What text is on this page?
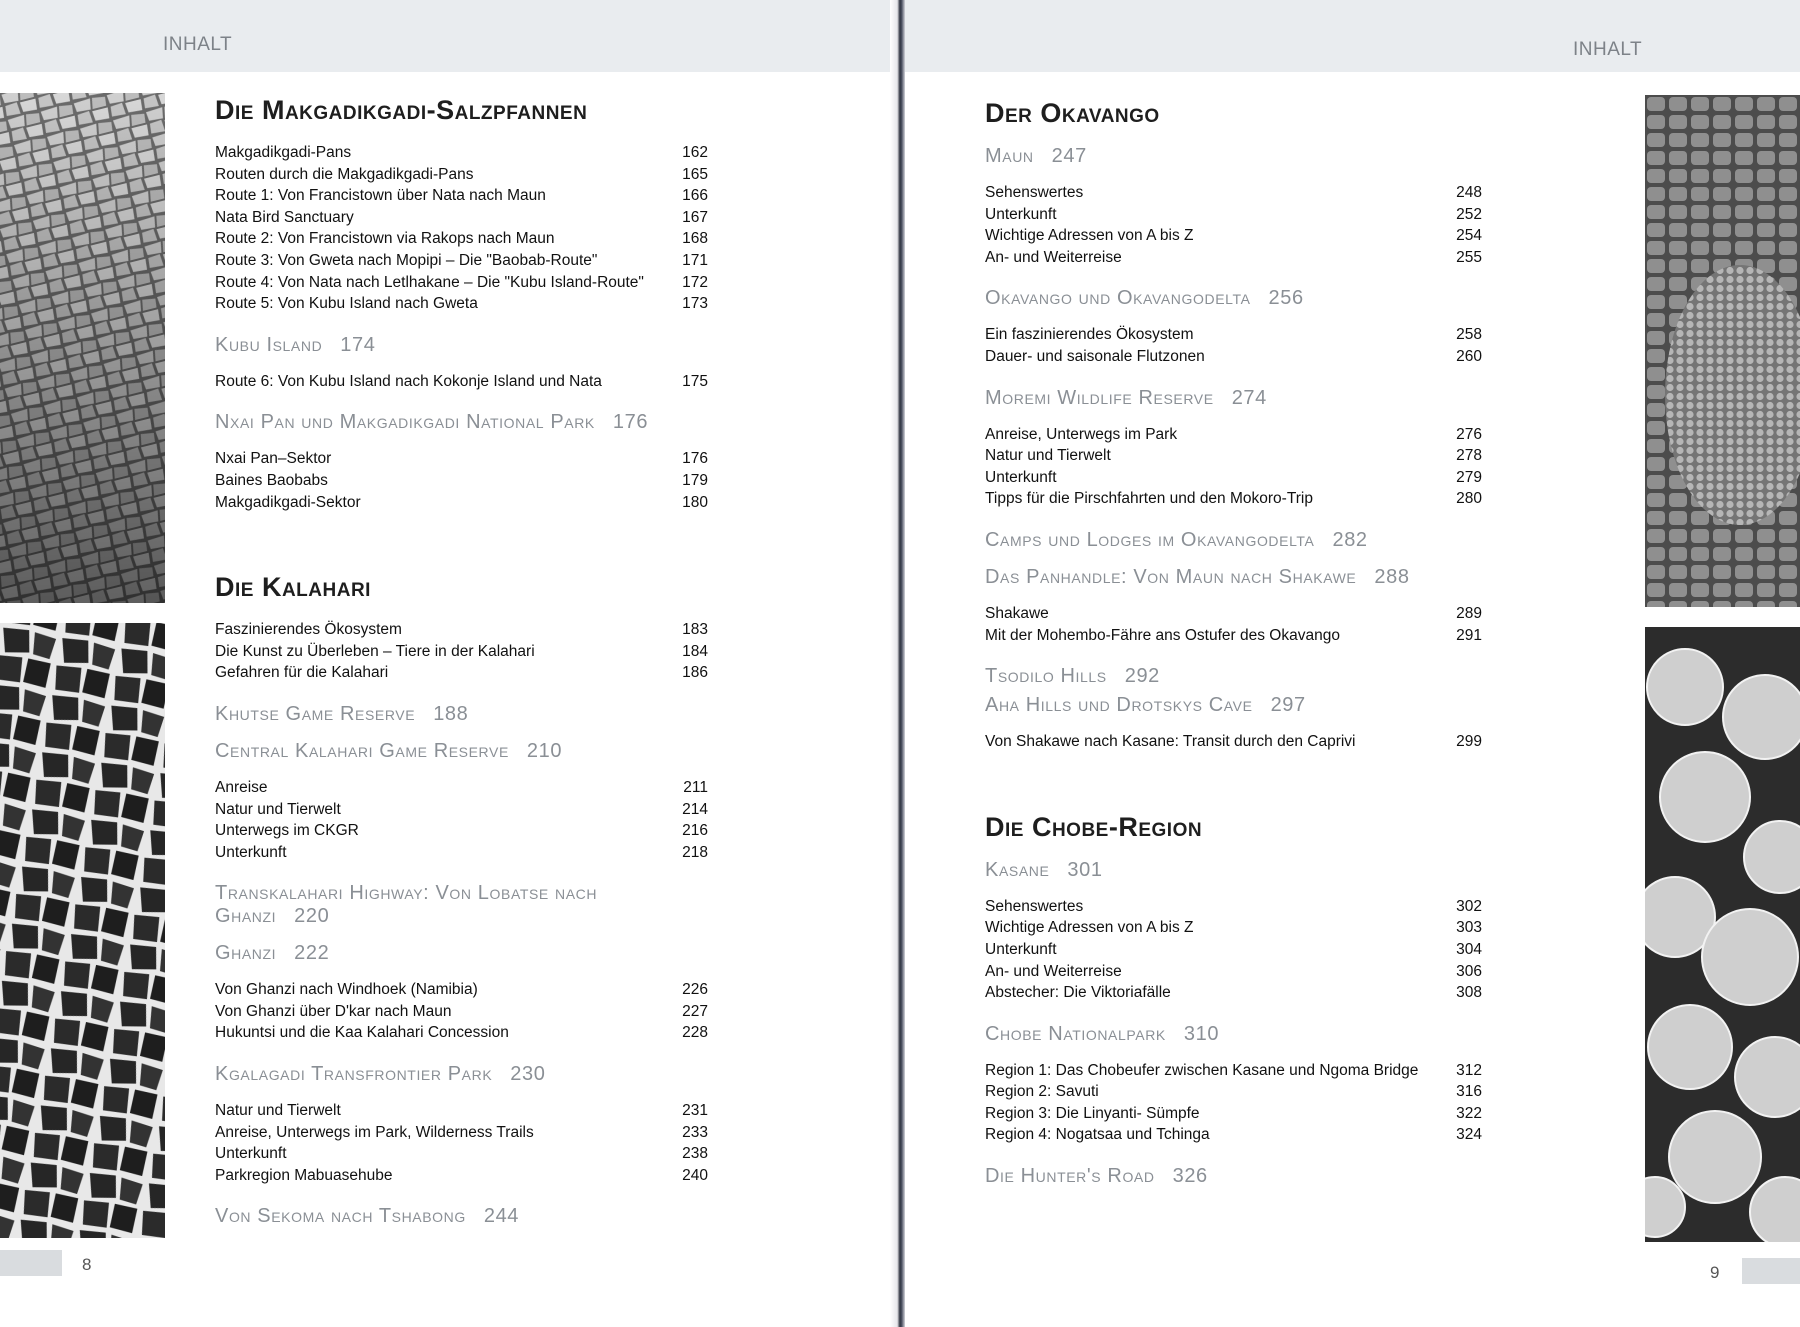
INHALT
8
Die Makgadikgadi-Salzpfannen
Makgadikgadi-Pans	162
Routen durch die Makgadikgadi-Pans	165
Route 1: Von Francistown über Nata nach Maun	166
Nata Bird Sanctuary	167
Route 2: Von Francistown via Rakops nach Maun	168
Route 3: Von Gweta nach Mopipi – Die "Baobab-Route"	171
Route 4: Von Nata nach Letlhakane – Die "Kubu Island-Route" 172
Route 5: Von Kubu Island nach Gweta	173
Kubu Island 174
Route 6: Von Kubu Island nach Kokonje Island und Nata	175
Nxai Pan und Makgadikgadi National Park 176
Nxai Pan–Sektor	176
Baines Baobabs	179
Makgadikgadi-Sektor	180
Die Kalahari
Faszinierendes Ökosystem	183
Die Kunst zu Überleben – Tiere in der Kalahari	184
Gefahren für die Kalahari	186
Khutse Game Reserve 188
Central Kalahari Game Reserve 210
Anreise	211
Natur und Tierwelt	214
Unterwegs im CKGR	216
Unterkunft	218
Transkalahari Highway: Von Lobatse nach Ghanzi 220
Ghanzi 222
Von Ghanzi nach Windhoek (Namibia)	226
Von Ghanzi über D'kar nach Maun	227
Hukuntsi und die Kaa Kalahari Concession	228
Kgalagadi Transfrontier Park 230
Natur und Tierwelt	231
Anreise, Unterwegs im Park, Wilderness Trails	233
Unterkunft	238
Parkregion Mabuasehube	240
Von Sekoma nach Tshabong 244
INHALT
9
Der Okavango
Maun 247
Sehenswertes	248
Unterkunft	252
Wichtige Adressen von A bis Z	254
An- und Weiterreise	255
Okavango und Okavangodelta 256
Ein faszinierendes Ökosystem	258
Dauer- und saisonale Flutzonen	260
Moremi Wildlife Reserve 274
Anreise, Unterwegs im Park	276
Natur und Tierwelt	278
Unterkunft	279
Tipps für die Pirschfahrten und den Mokoro-Trip	280
Camps und Lodges im Okavangodelta 282
Das Panhandle: Von Maun nach Shakawe 288
Shakawe	289
Mit der Mohembo-Fähre ans Ostufer des Okavango	291
Tsodilo Hills 292
Aha Hills und Drotskys Cave 297
Von Shakawe nach Kasane: Transit durch den Caprivi	299
Die Chobe-Region
Kasane 301
Sehenswertes	302
Wichtige Adressen von A bis Z	303
Unterkunft	304
An- und Weiterreise	306
Abstecher: Die Viktoriafälle	308
Chobe Nationalpark 310
Region 1: Das Chobeufer zwischen Kasane und Ngoma Bridge 312
Region 2: Savuti	316
Region 3: Die Linyanti- Sümpfe	322
Region 4: Nogatsaa und Tchinga	324
Die Hunter's Road 326
